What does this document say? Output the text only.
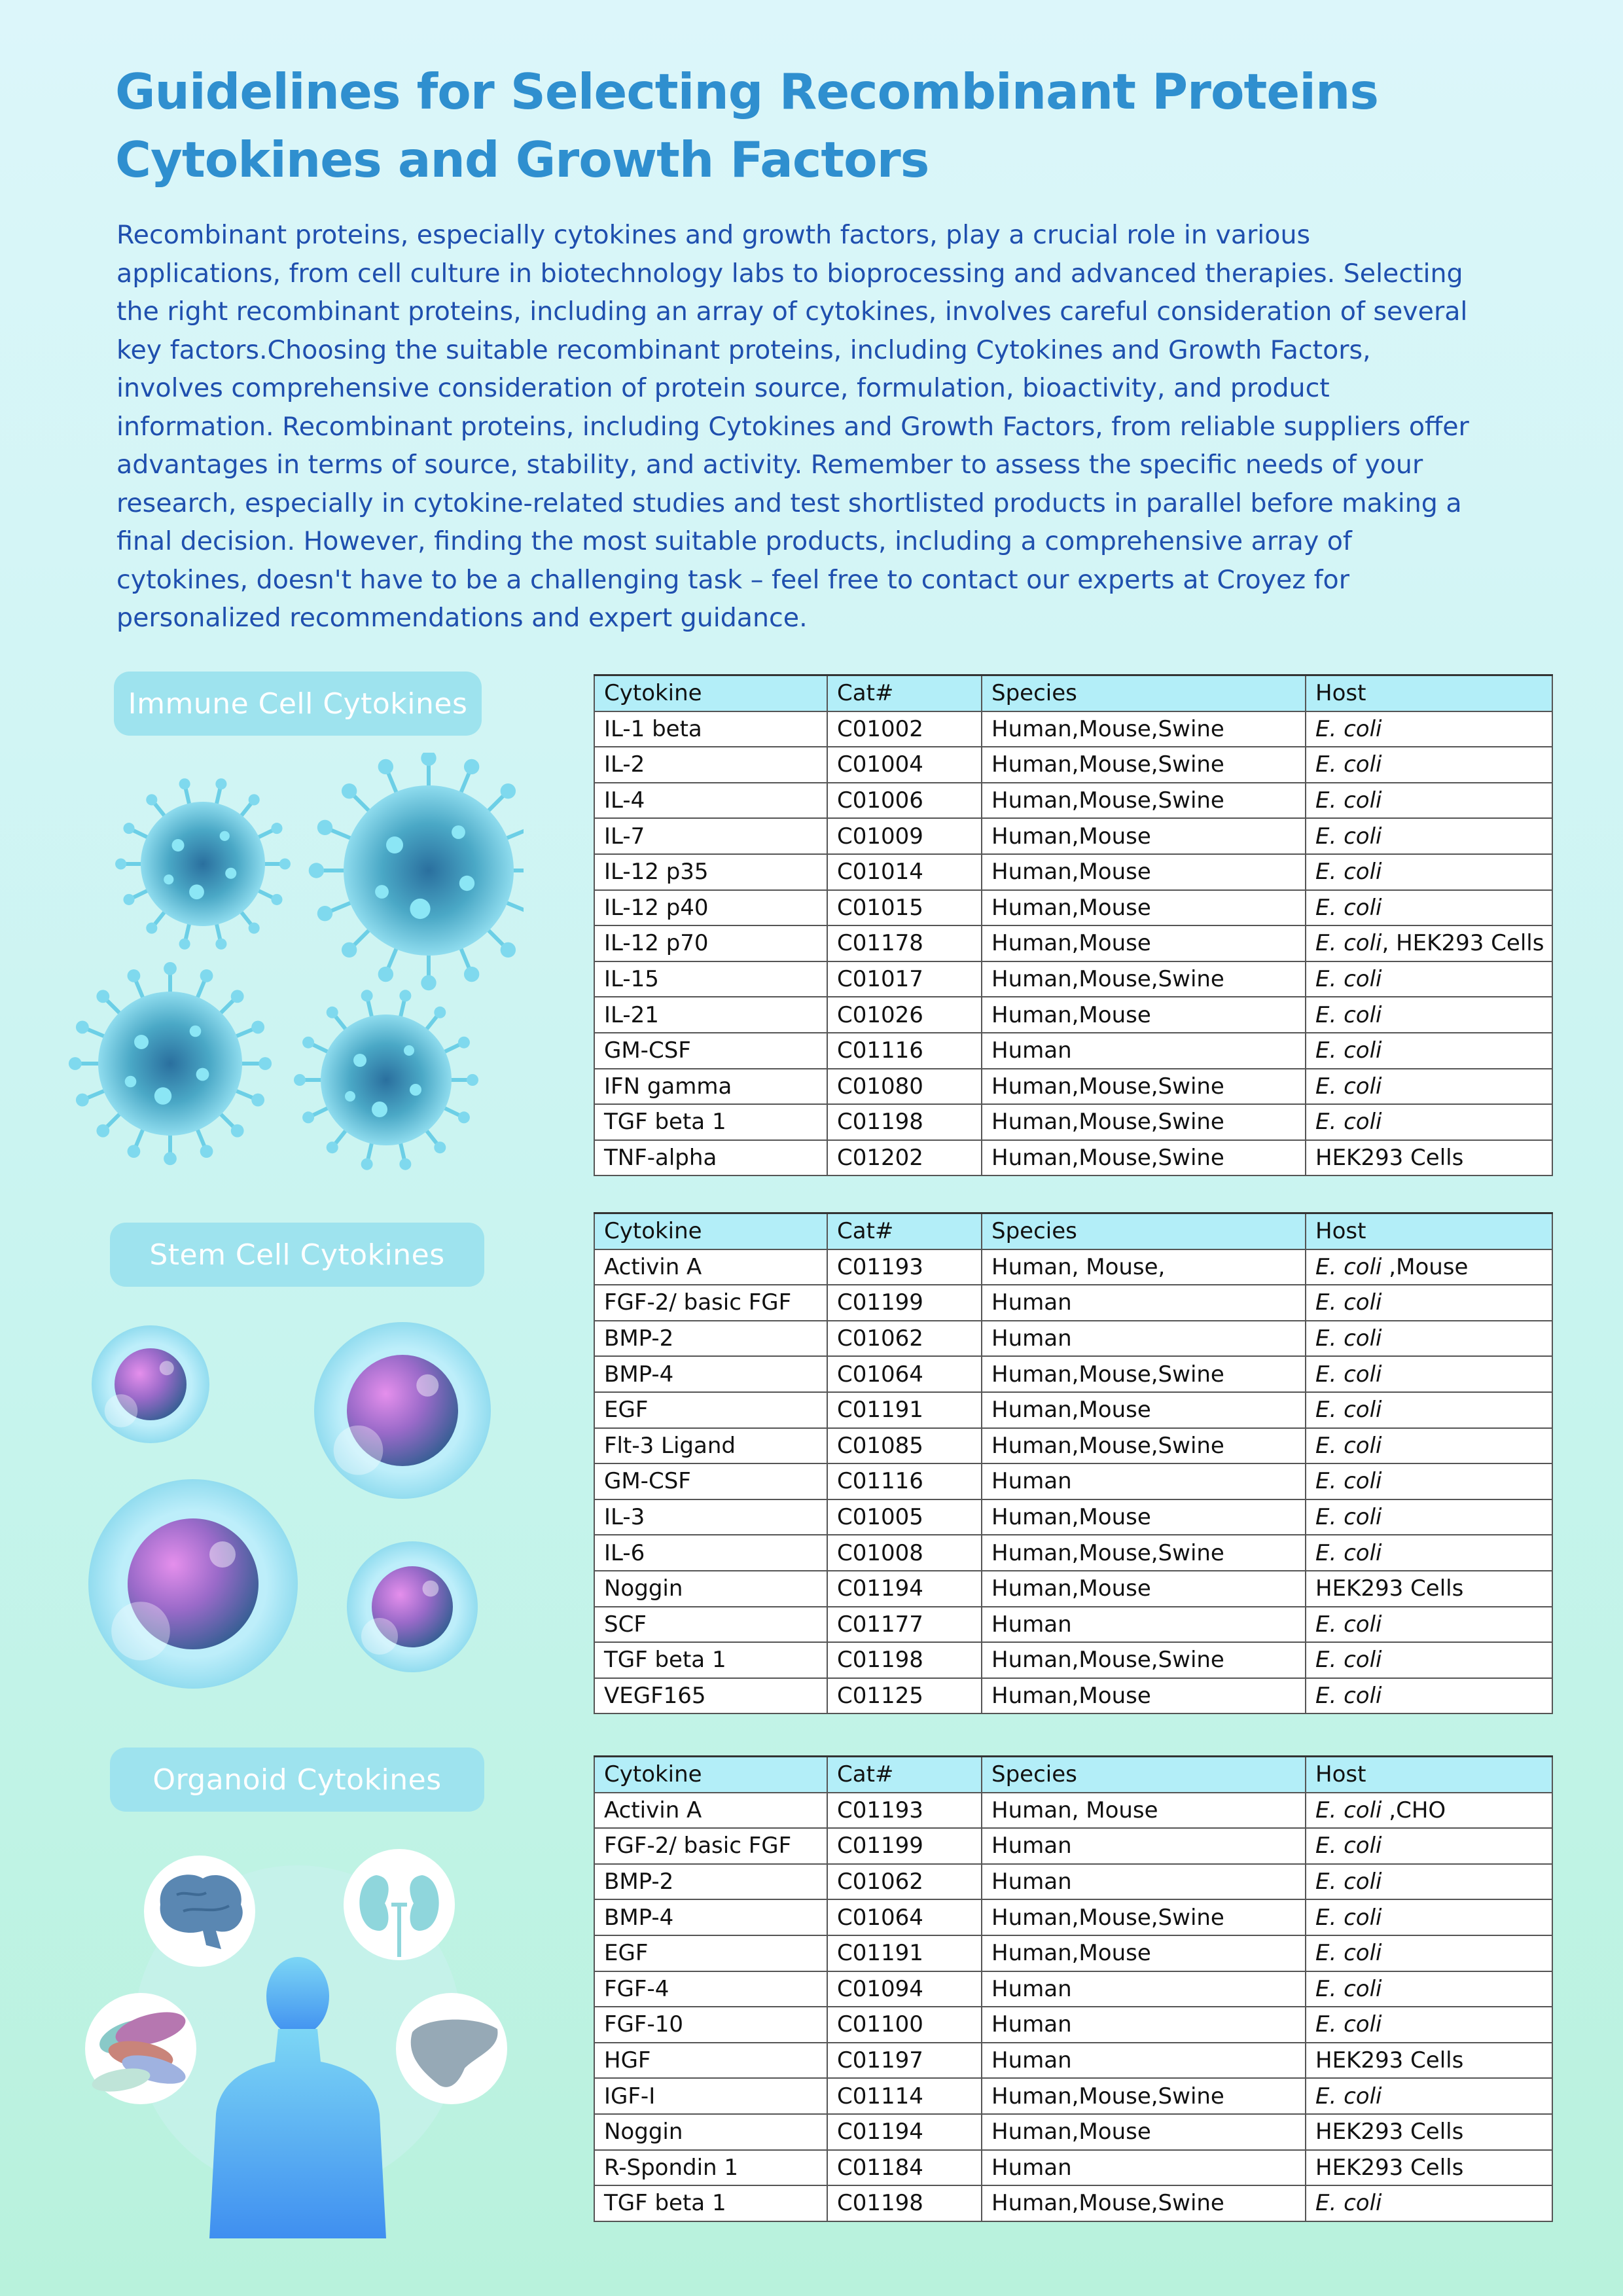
Guidelines for Selecting Recombinant Proteins
Cytokines and Growth Factors

Recombinant proteins, especially cytokines and growth factors, play a crucial role in various applications, from cell culture in biotechnology labs to bioprocessing and advanced therapies. Selecting the right recombinant proteins, including an array of cytokines, involves careful consideration of several key factors.Choosing the suitable recombinant proteins, including Cytokines and Growth Factors, involves comprehensive consideration of protein source, formulation, bioactivity, and product information. Recombinant proteins, including Cytokines and Growth Factors, from reliable suppliers offer advantages in terms of source, stability, and activity. Remember to assess the specific needs of your research, especially in cytokine-related studies and test shortlisted products in parallel before making a final decision. However, finding the most suitable products, including a comprehensive array of cytokines, doesn't have to be a challenging task – feel free to contact our experts at Croyez for personalized recommendations and expert guidance.

Immune Cell Cytokines	Cytokine	Cat#	Species	Host
IL-1 beta	C01002	Human,Mouse,Swine	E. coli
IL-2	C01004	Human,Mouse,Swine	E. coli
IL-4	C01006	Human,Mouse,Swine	E. coli
IL-7	C01009	Human,Mouse	E. coli
IL-12 p35	C01014	Human,Mouse	E. coli
IL-12 p40	C01015	Human,Mouse	E. coli
IL-12 p70	C01178	Human,Mouse	E. coli, HEK293 Cells
IL-15	C01017	Human,Mouse,Swine	E. coli
IL-21	C01026	Human,Mouse	E. coli
GM-CSF	C01116	Human	E. coli
IFN gamma	C01080	Human,Mouse,Swine	E. coli
TGF beta 1	C01198	Human,Mouse,Swine	E. coli
TNF-alpha	C01202	Human,Mouse,Swine	HEK293 Cells
Stem Cell Cytokines
Cytokine	Cat#	Species	Host
Activin A	C01193	Human, Mouse,	E. coli ,Mouse
FGF-2/ basic FGF	C01199	Human	E. coli
BMP-2	C01062	Human	E. coli
BMP-4	C01064	Human,Mouse,Swine	E. coli
EGF	C01191	Human,Mouse	E. coli
Flt-3 Ligand	C01085	Human,Mouse,Swine	E. coli
GM-CSF	C01116	Human	E. coli
IL-3	C01005	Human,Mouse	E. coli
IL-6	C01008	Human,Mouse,Swine	E. coli
Noggin	C01194	Human,Mouse	HEK293 Cells
SCF	C01177	Human	E. coli
TGF beta 1	C01198	Human,Mouse,Swine	E. coli
VEGF165	C01125	Human,Mouse	E. coli
Organoid Cytokines	Cytokine	Cat#	Species	Host
Activin A	C01193	Human, Mouse	E. coli ,CHO
FGF-2/ basic FGF	C01199	Human	E. coli
BMP-2	C01062	Human	E. coli
BMP-4	C01064	Human,Mouse,Swine	E. coli
EGF	C01191	Human,Mouse	E. coli
FGF-4	C01094	Human	E. coli
FGF-10	C01100	Human	E. coli
HGF	C01197	Human	HEK293 Cells
IGF-I	C01114	Human,Mouse,Swine	E. coli
Noggin	C01194	Human,Mouse	HEK293 Cells
R-Spondin 1	C01184	Human	HEK293 Cells
TGF beta 1	C01198	Human,Mouse,Swine	E. coli
